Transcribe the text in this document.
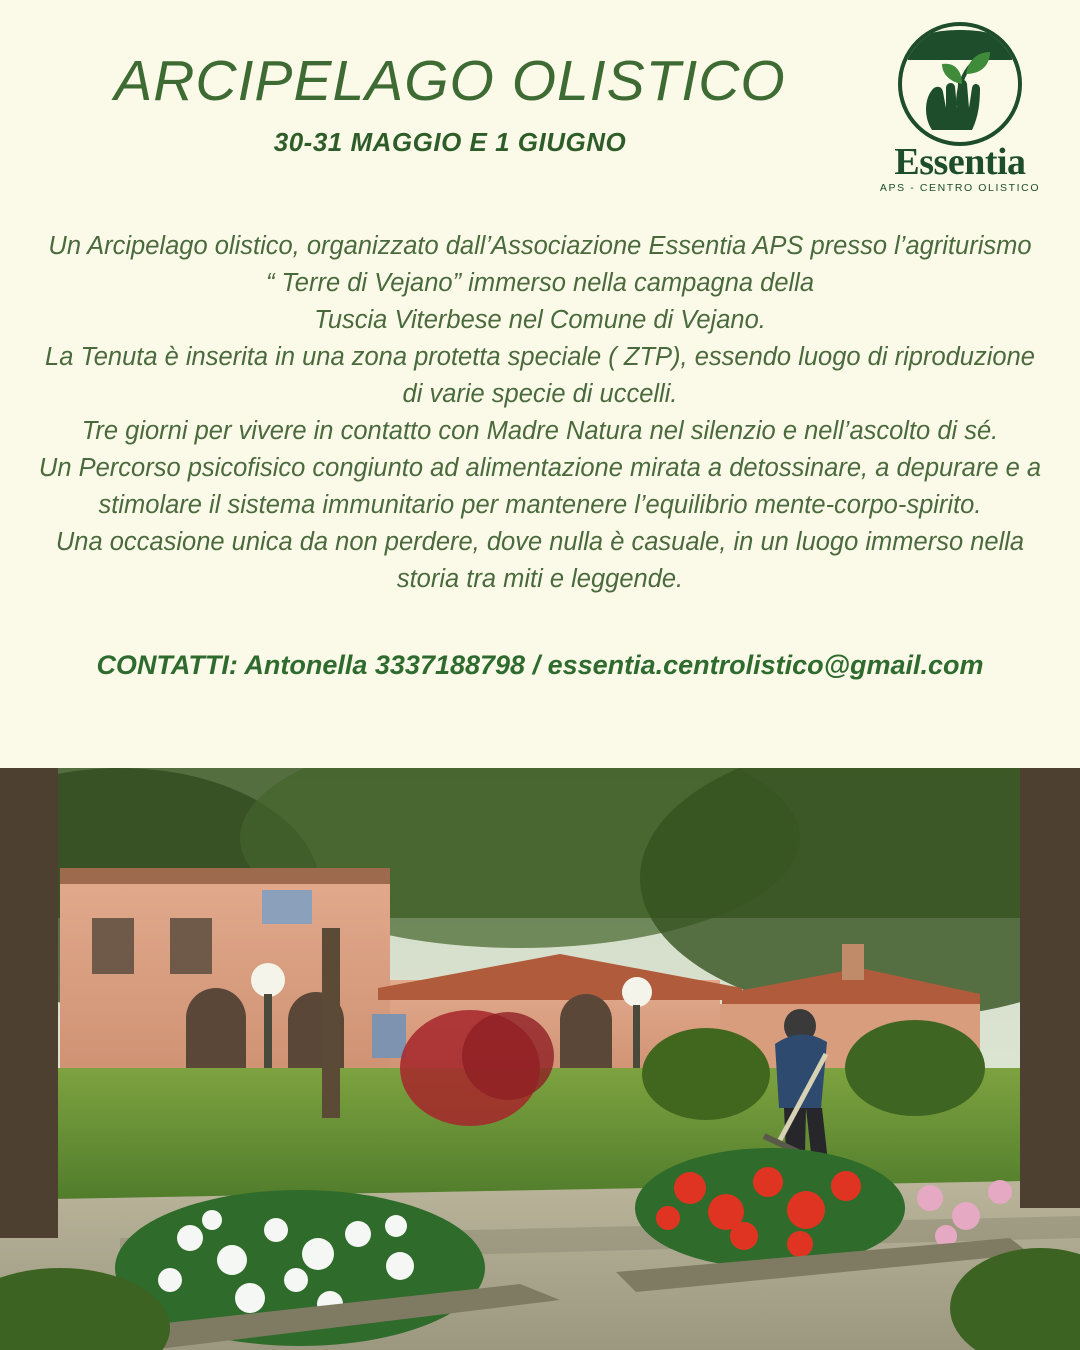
ARCIPELAGO OLISTICO
30-31 MAGGIO E 1 GIUGNO	Essentia
APS - CENTRO OLISTICO

Un Arcipelago olistico, organizzato dall’Associazione Essentia APS presso l’agriturismo

“ Terre di Vejano” immerso nella campagna della

Tuscia Viterbese nel Comune di Vejano.

La Tenuta è inserita in una zona protetta speciale ( ZTP), essendo luogo di riproduzione di varie specie di uccelli.

Tre giorni per vivere in contatto con Madre Natura nel silenzio e nell’ascolto di sé.

Un Percorso psicofisico congiunto ad alimentazione mirata a detossinare, a depurare e a stimolare il sistema immunitario per mantenere l’equilibrio mente-corpo-spirito.

Una occasione unica da non perdere, dove nulla è casuale, in un luogo immerso nella storia tra miti e leggende.

CONTATTI: Antonella 3337188798 / essentia.centrolistico@gmail.com
